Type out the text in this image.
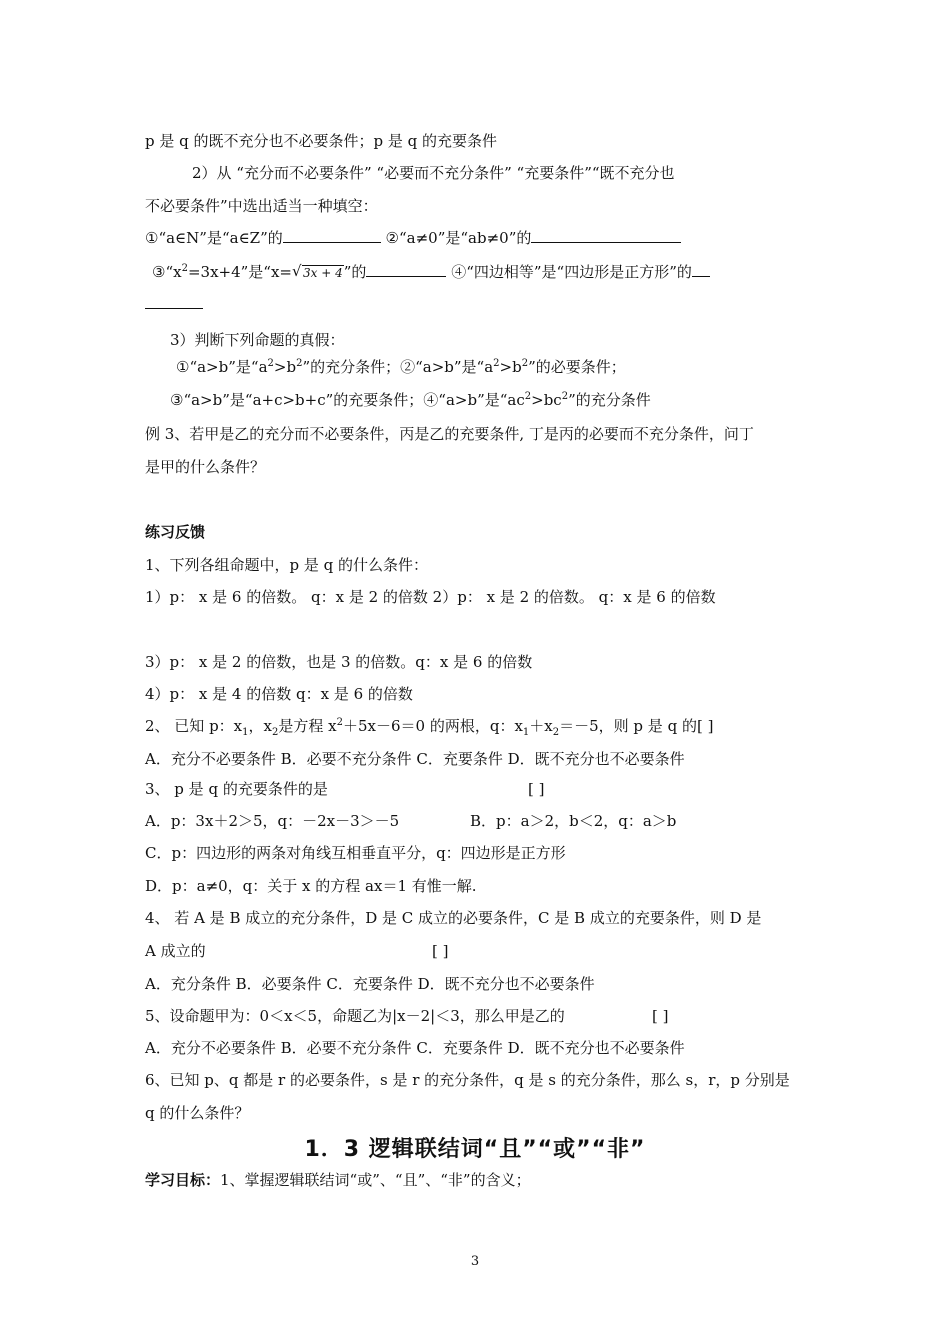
p 是 q 的既不充分也不必要条件；p 是 q 的充要条件
2）从 “充分而不必要条件” “必要而不充分条件” “充要条件”“既不充分也
不必要条件”中选出适当一种填空：
①“a∈N”是“a∈Z”的	②“a≠0”是“ab≠0”的
$③“x^2=3x+4$”是“x= √ 3x + 4”的	④“四边相等”是“四边形是正方形”的
3）判断下列命题的真假：
①“a>b”是“$a^2>b^2$”的充分条件；②“a>b”是“$a^2>b^2$”的必要条件；
③“a>b”是“a+c>b+c”的充要条件；④“a>b”是“$ac^2>bc^2$”的充分条件
例 3、若甲是乙的充分而不必要条件，丙是乙的充要条件, 丁是丙的必要而不充分条件，问丁
是甲的什么条件？
练习反馈
1、下列各组命题中，p 是 q 的什么条件：
1）p： x 是 6 的倍数。 q：x 是 2 的倍数 2）p： x 是 2 的倍数。 q：x 是 6 的倍数
3）p： x 是 2 的倍数，也是 3 的倍数。q：x 是 6 的倍数
4）p： x 是 4 的倍数 q：x 是 6 的倍数
2、 已知 p：$x_1$，$x_2$是方程 $x^2+5x-6=0$ 的两根，q：$x_1+x_2=-5$，则 p 是 q 的[ ]
A．充分不必要条件 B．必要不充分条件 C．充要条件 D．既不充分也不必要条件
3、 p 是 q 的充要条件的是	[ ]
A．p：3x＋2＞5，q：－2x－3＞－5	B．p：a＞2，b＜2，q：a＞b
C．p：四边形的两条对角线互相垂直平分，q：四边形是正方形
D．p：a≠0，q：关于 x 的方程 ax＝1 有惟一解.
4、 若 A 是 B 成立的充分条件，D 是 C 成立的必要条件，C 是 B 成立的充要条件，则 D 是
A 成立的	[ ]
A．充分条件 B．必要条件 C．充要条件 D．既不充分也不必要条件
5、设命题甲为：0＜x＜5，命题乙为|x－2|＜3，那么甲是乙的	[ ]
A．充分不必要条件 B．必要不充分条件 C．充要条件 D．既不充分也不必要条件
6、已知 p、q 都是 r 的必要条件，s 是 r 的充分条件，q 是 s 的充分条件，那么 s，r，p 分别是
q 的什么条件？
1．3 逻辑联结词“且”“或”“非”
学习目标：1、掌握逻辑联结词“或”、“且”、“非”的含义；
3
